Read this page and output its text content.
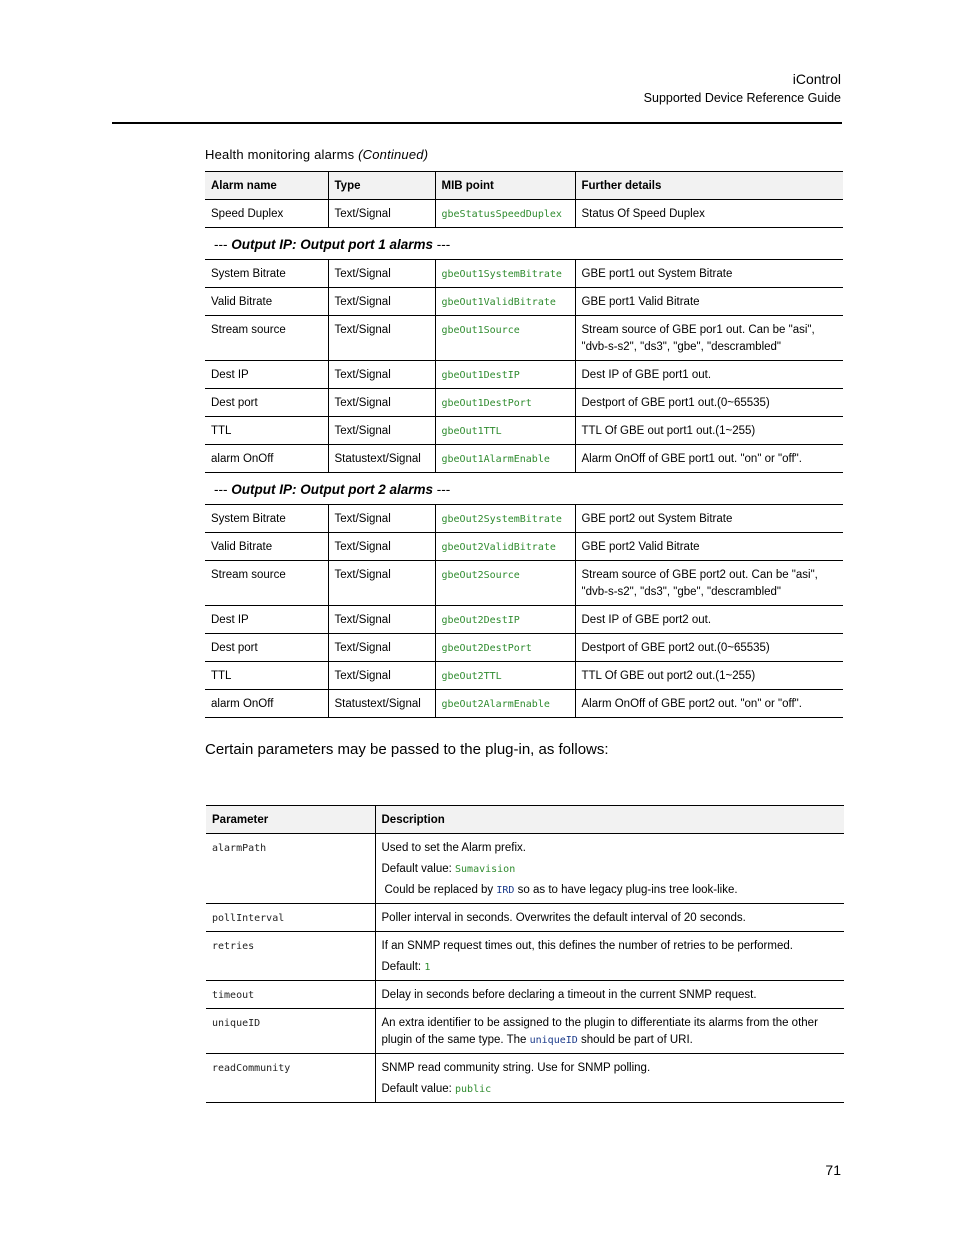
iControl
Supported Device Reference Guide
Health monitoring alarms (Continued)
Alarm name	Type	MIB point	Further details
Speed Duplex	Text/Signal	gbeStatusSpeedDuplex	Status Of Speed Duplex
--- Output IP: Output port 1 alarms ---			
System Bitrate	Text/Signal	gbeOut1SystemBitrate	GBE port1 out System Bitrate
Valid Bitrate	Text/Signal	gbeOut1ValidBitrate	GBE port1 Valid Bitrate
Stream source	Text/Signal	gbeOut1Source	Stream source of GBE por1 out. Can be "asi", "dvb-s-s2", "ds3", "gbe", "descrambled"
Dest IP	Text/Signal	gbeOut1DestIP	Dest IP of GBE port1 out.
Dest port	Text/Signal	gbeOut1DestPort	Destport of GBE port1 out.(0~65535)
TTL	Text/Signal	gbeOut1TTL	TTL Of GBE out port1 out.(1~255)
alarm OnOff	Statustext/Signal	gbeOut1AlarmEnable	Alarm OnOff of GBE port1 out. "on" or "off".
--- Output IP: Output port 2 alarms ---			
System Bitrate	Text/Signal	gbeOut2SystemBitrate	GBE port2 out System Bitrate
Valid Bitrate	Text/Signal	gbeOut2ValidBitrate	GBE port2 Valid Bitrate
Stream source	Text/Signal	gbeOut2Source	Stream source of GBE port2 out. Can be "asi", "dvb-s-s2", "ds3", "gbe", "descrambled"
Dest IP	Text/Signal	gbeOut2DestIP	Dest IP of GBE port2 out.
Dest port	Text/Signal	gbeOut2DestPort	Destport of GBE port2 out.(0~65535)
TTL	Text/Signal	gbeOut2TTL	TTL Of GBE out port2 out.(1~255)
alarm OnOff	Statustext/Signal	gbeOut2AlarmEnable	Alarm OnOff of GBE port2 out. "on" or "off".
Certain parameters may be passed to the plug-in, as follows:
Parameter	Description
alarmPath	Used to set the Alarm prefix.

Default value: Sumavision

Could be replaced by IRD so as to have legacy plug-ins tree look-like.

pollInterval	Poller interval in seconds. Overwrites the default interval of 20 seconds.
retries	If an SNMP request times out, this defines the number of retries to be performed.

Default: 1

timeout	Delay in seconds before declaring a timeout in the current SNMP request.
uniqueID	An extra identifier to be assigned to the plugin to differentiate its alarms from the other plugin of the same type. The uniqueID should be part of URI.
readCommunity	SNMP read community string. Use for SNMP polling.

Default value: public

71
